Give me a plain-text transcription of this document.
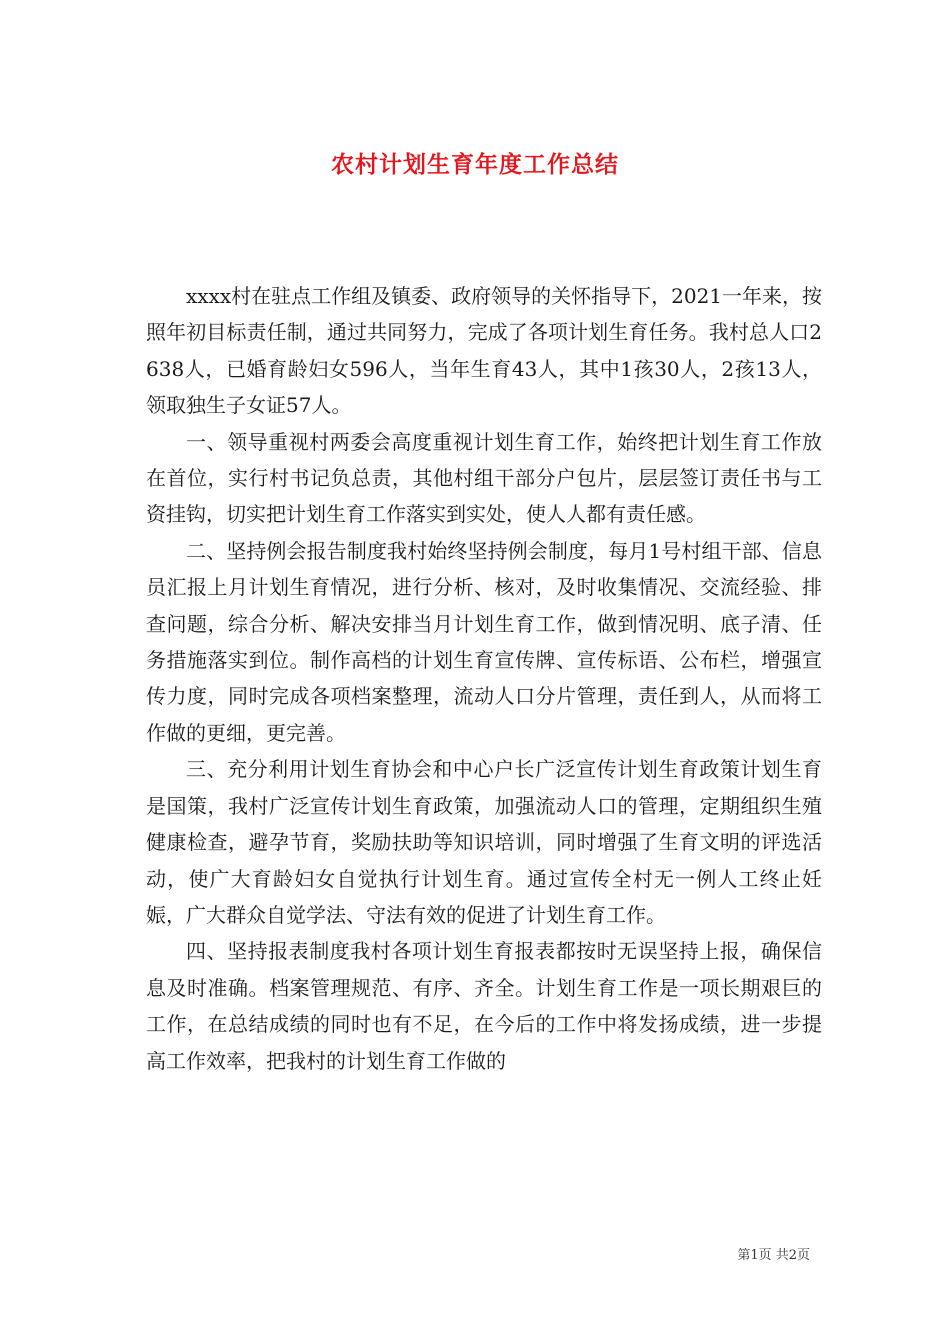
农村计划生育年度工作总结

xxxx村在驻点工作组及镇委、政府领导的关怀指导下，2021一年来，按照年初目标责任制，通过共同努力，完成了各项计划生育任务。我村总人口2638人，已婚育龄妇女596人，当年生育43人，其中1孩30人，2孩13人，领取独生子女证57人。

一、领导重视村两委会高度重视计划生育工作，始终把计划生育工作放在首位，实行村书记负总责，其他村组干部分户包片，层层签订责任书与工资挂钩，切实把计划生育工作落实到实处，使人人都有责任感。

二、坚持例会报告制度我村始终坚持例会制度，每月1号村组干部、信息员汇报上月计划生育情况，进行分析、核对，及时收集情况、交流经验、排查问题，综合分析、解决安排当月计划生育工作，做到情况明、底子清、任务措施落实到位。制作高档的计划生育宣传牌、宣传标语、公布栏，增强宣传力度，同时完成各项档案整理，流动人口分片管理，责任到人，从而将工作做的更细，更完善。

三、充分利用计划生育协会和中心户长广泛宣传计划生育政策计划生育是国策，我村广泛宣传计划生育政策，加强流动人口的管理，定期组织生殖健康检查，避孕节育，奖励扶助等知识培训，同时增强了生育文明的评选活动，使广大育龄妇女自觉执行计划生育。通过宣传全村无一例人工终止妊娠，广大群众自觉学法、守法有效的促进了计划生育工作。

四、坚持报表制度我村各项计划生育报表都按时无误坚持上报，确保信息及时准确。档案管理规范、有序、齐全。计划生育工作是一项长期艰巨的工作，在总结成绩的同时也有不足，在今后的工作中将发扬成绩，进一步提高工作效率，把我村的计划生育工作做的

第1页 共2页
